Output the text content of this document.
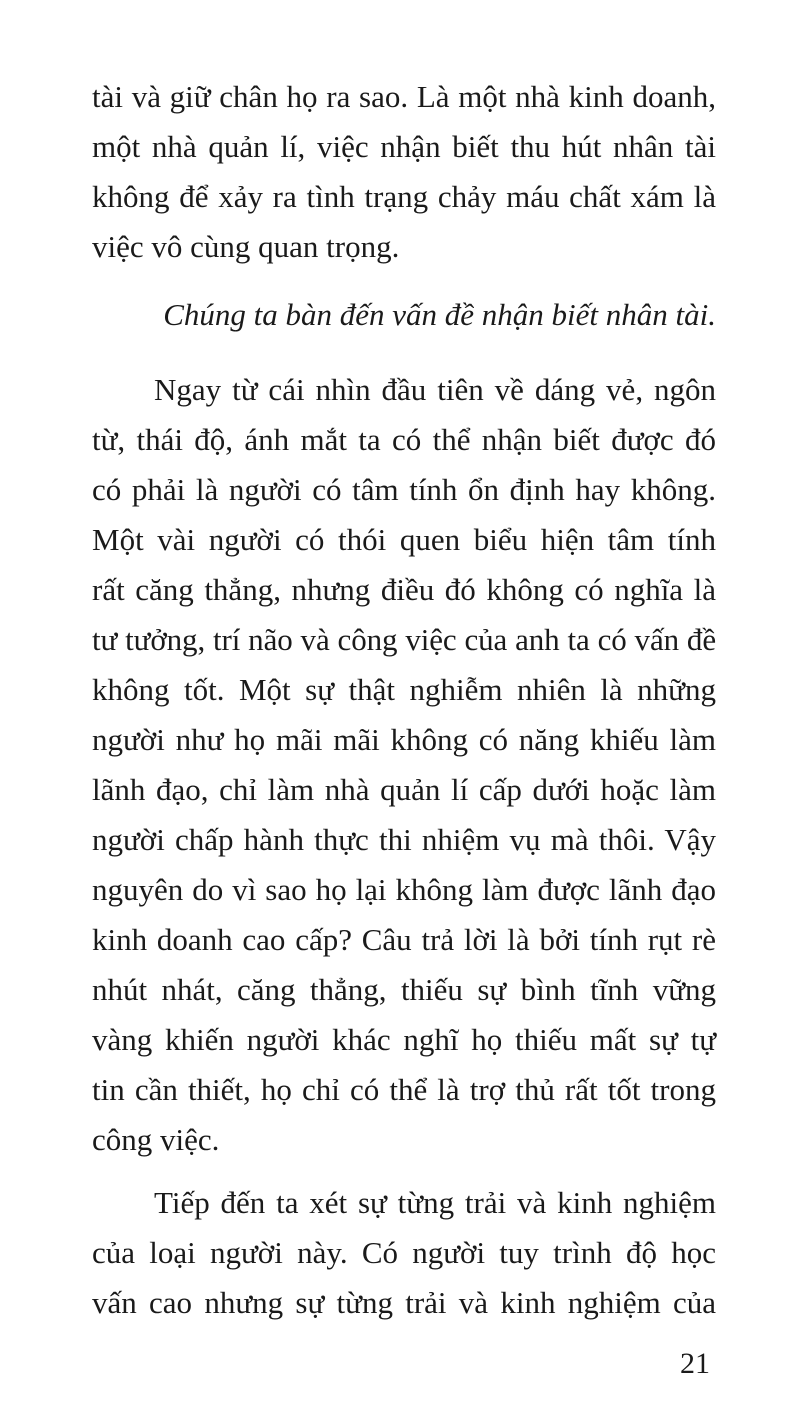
tài và giữ chân họ ra sao. Là một nhà kinh doanh,
một nhà quản lí, việc nhận biết thu hút nhân tài
không để xảy ra tình trạng chảy máu chất xám là
việc vô cùng quan trọng.
Chúng ta bàn đến vấn đề nhận biết nhân tài.
Ngay từ cái nhìn đầu tiên về dáng vẻ, ngôn
từ, thái độ, ánh mắt ta có thể nhận biết được đó
có phải là người có tâm tính ổn định hay không.
Một vài người có thói quen biểu hiện tâm tính
rất căng thẳng, nhưng điều đó không có nghĩa là
tư tưởng, trí não và công việc của anh ta có vấn đề
không tốt. Một sự thật nghiễm nhiên là những
người như họ mãi mãi không có năng khiếu làm
lãnh đạo, chỉ làm nhà quản lí cấp dưới hoặc làm
người chấp hành thực thi nhiệm vụ mà thôi. Vậy
nguyên do vì sao họ lại không làm được lãnh đạo
kinh doanh cao cấp? Câu trả lời là bởi tính rụt rè
nhút nhát, căng thẳng, thiếu sự bình tĩnh vững
vàng khiến người khác nghĩ họ thiếu mất sự tự
tin cần thiết, họ chỉ có thể là trợ thủ rất tốt trong
công việc.
Tiếp đến ta xét sự từng trải và kinh nghiệm
của loại người này. Có người tuy trình độ học
vấn cao nhưng sự từng trải và kinh nghiệm của

21
